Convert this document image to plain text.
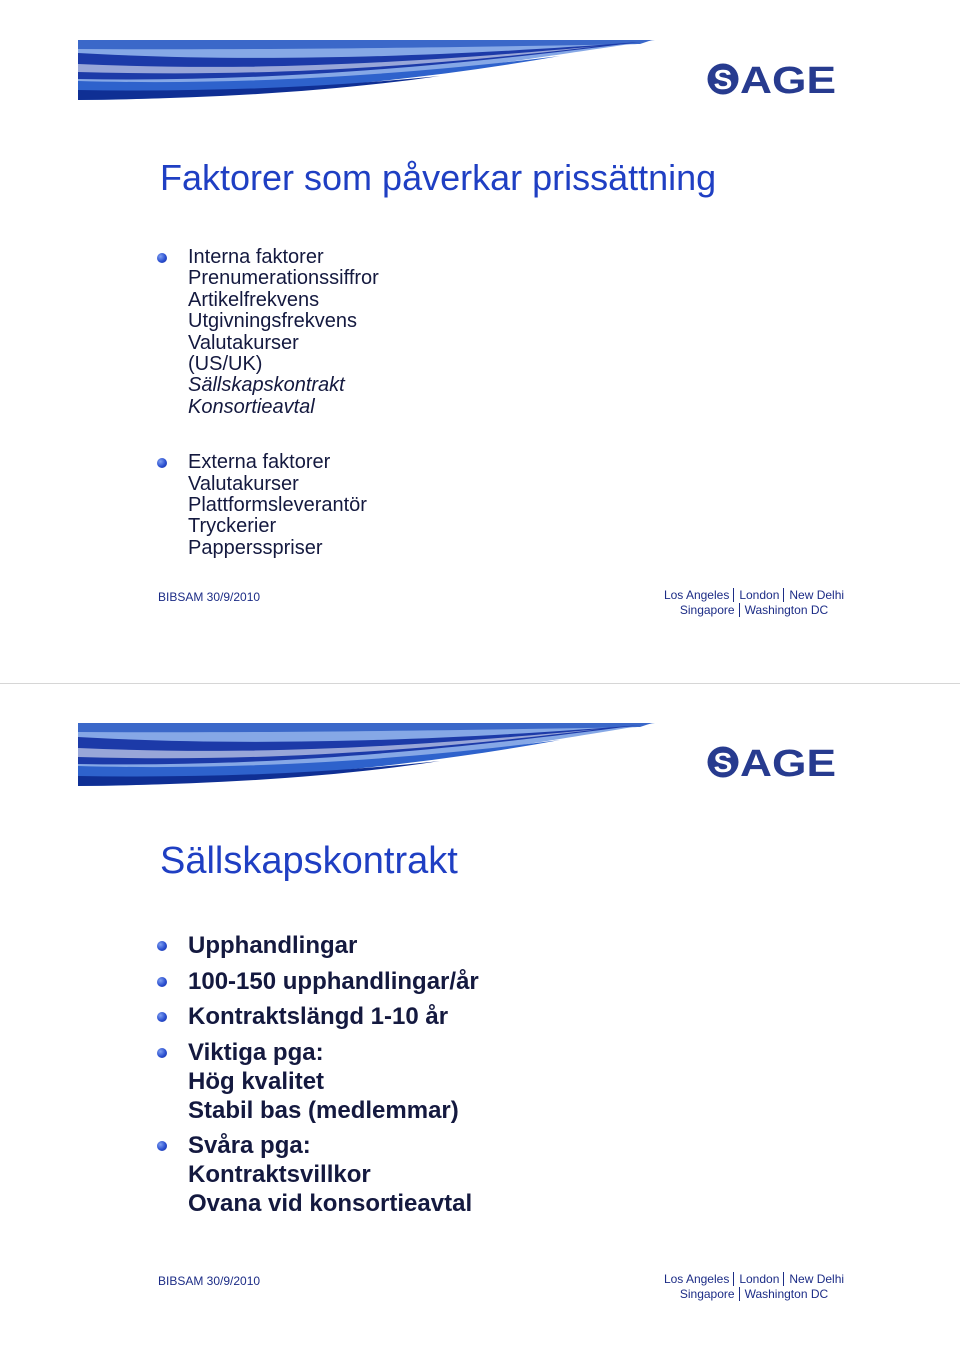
S AGE
Faktorer som påverkar prissättning
Interna faktorer
Prenumerationssiffror
Artikelfrekvens
Utgivningsfrekvens
Valutakurser
(US/UK)
Sällskapskontrakt
Konsortieavtal
Externa faktorer
Valutakurser
Plattformsleverantör
Tryckerier
Pappersspriser
BIBSAM 30/9/2010	Los Angeles London New Delhi
Singapore Washington DC
S AGE
Sällskapskontrakt
Upphandlingar
100-150 upphandlingar/år
Kontraktslängd 1-10 år
Viktiga pga:
Hög kvalitet
Stabil bas (medlemmar)
Svåra pga:
Kontraktsvillkor
Ovana vid konsortieavtal
BIBSAM 30/9/2010	Los Angeles London New Delhi
Singapore Washington DC
